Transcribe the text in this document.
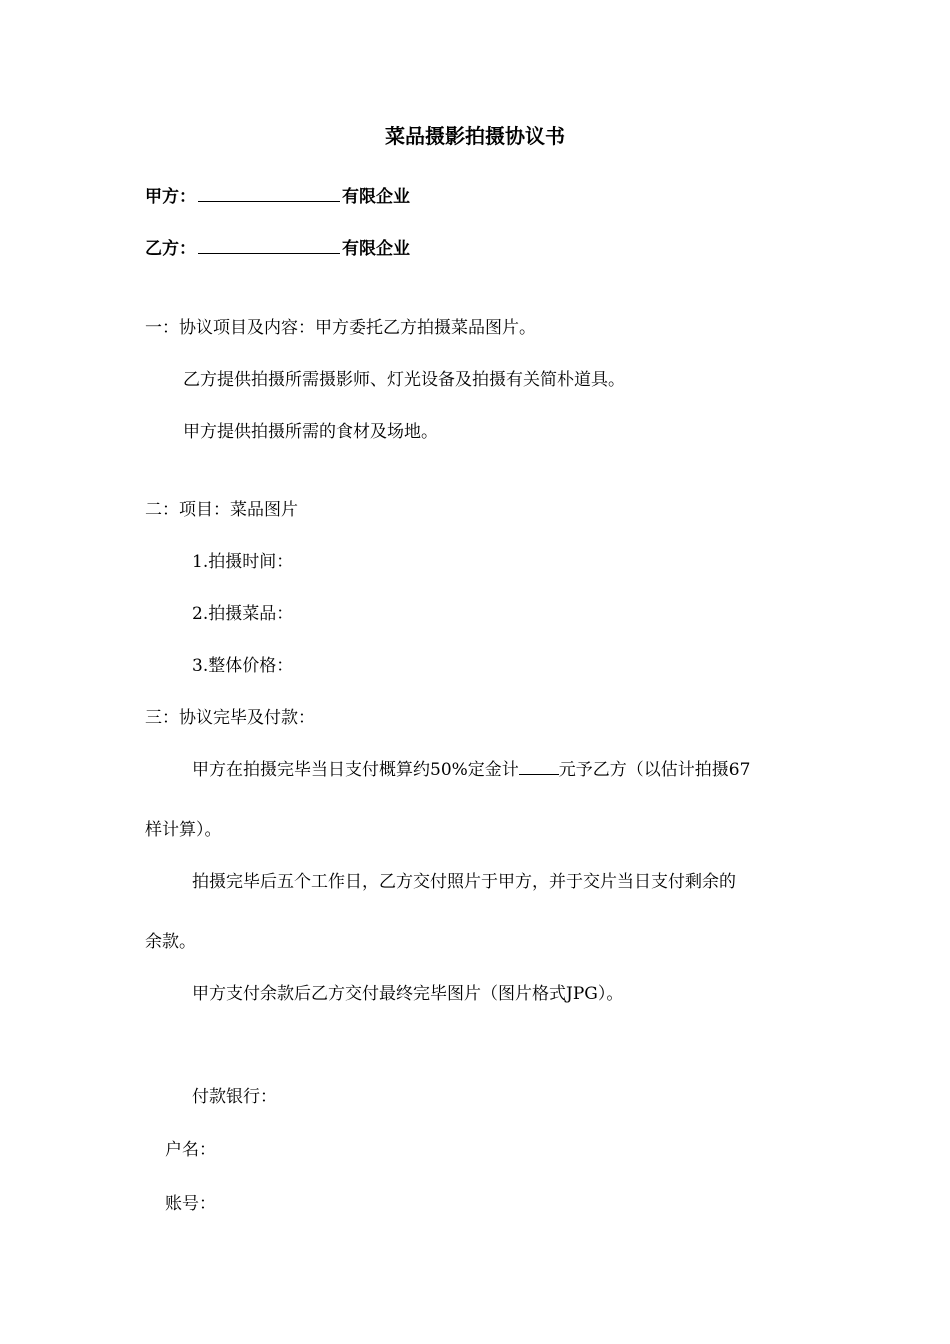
菜品摄影拍摄协议书
甲方：	有限企业
乙方：	有限企业
一：协议项目及内容：甲方委托乙方拍摄菜品图片。
乙方提供拍摄所需摄影师、灯光设备及拍摄有关简朴道具。
甲方提供拍摄所需的食材及场地。
二：项目：菜品图片
1.拍摄时间：
2.拍摄菜品：
3.整体价格：
三：协议完毕及付款：
甲方在拍摄完毕当日支付概算约50%定金计 元予乙方（以估计拍摄67
样计算）。
拍摄完毕后五个工作日，乙方交付照片于甲方，并于交片当日支付剩余的
余款。
甲方支付余款后乙方交付最终完毕图片（图片格式JPG）。
付款银行：
户名：
账号：
